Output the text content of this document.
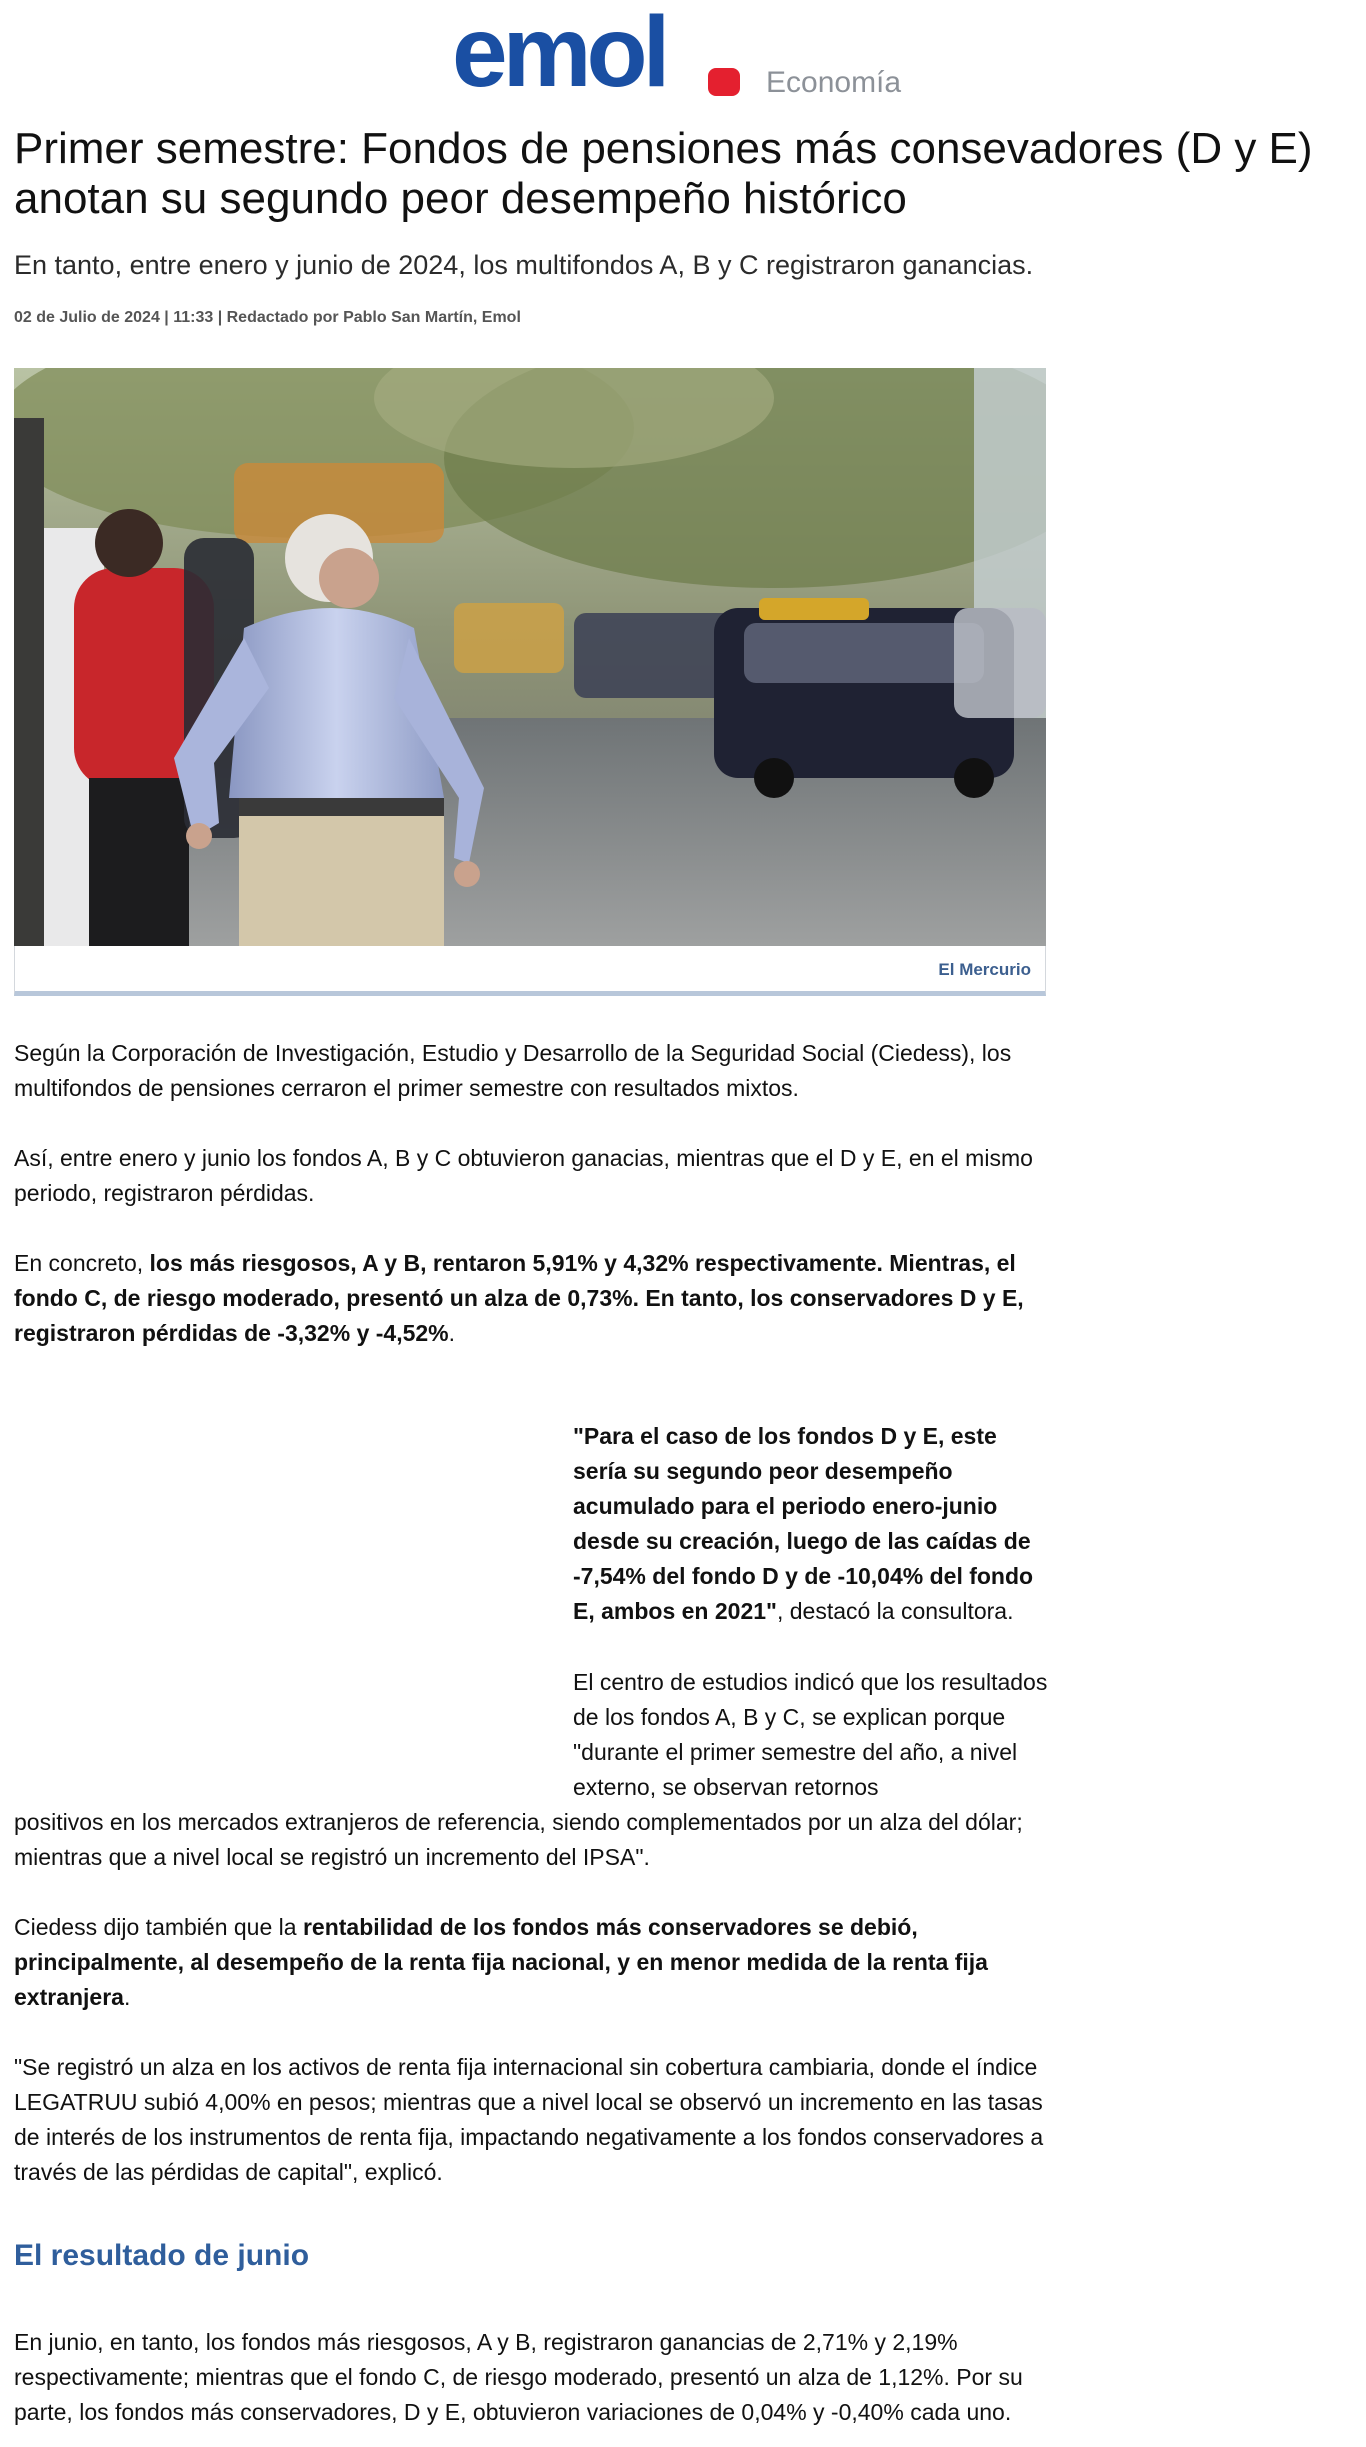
emol	Economía
Primer semestre: Fondos de pensiones más consevadores (D y E) anotan su segundo peor desempeño histórico

En tanto, entre enero y junio de 2024, los multifondos A, B y C registraron ganancias.

02 de Julio de 2024 | 11:33 | Redactado por Pablo San Martín, Emol

El Mercurio

Según la Corporación de Investigación, Estudio y Desarrollo de la Seguridad Social (Ciedess), los multifondos de pensiones cerraron el primer semestre con resultados mixtos.

Así, entre enero y junio los fondos A, B y C obtuvieron ganacias, mientras que el D y E, en el mismo periodo, registraron pérdidas.

En concreto, los más riesgosos, A y B, rentaron 5,91% y 4,32% respectivamente. Mientras, el fondo C, de riesgo moderado, presentó un alza de 0,73%. En tanto, los conservadores D y E, registraron pérdidas de -3,32% y -4,52%.

"Para el caso de los fondos D y E, este sería su segundo peor desempeño acumulado para el periodo enero-junio desde su creación, luego de las caídas de -7,54% del fondo D y de -10,04% del fondo E, ambos en 2021", destacó la consultora.

El centro de estudios indicó que los resultados de los fondos A, B y C, se explican porque "durante el primer semestre del año, a nivel externo, se observan retornos

positivos en los mercados extranjeros de referencia, siendo complementados por un alza del dólar; mientras que a nivel local se registró un incremento del IPSA".

Ciedess dijo también que la rentabilidad de los fondos más conservadores se debió, principalmente, al desempeño de la renta fija nacional, y en menor medida de la renta fija extranjera.

"Se registró un alza en los activos de renta fija internacional sin cobertura cambiaria, donde el índice LEGATRUU subió 4,00% en pesos; mientras que a nivel local se observó un incremento en las tasas de interés de los instrumentos de renta fija, impactando negativamente a los fondos conservadores a través de las pérdidas de capital", explicó.

El resultado de junio

En junio, en tanto, los fondos más riesgosos, A y B, registraron ganancias de 2,71% y 2,19% respectivamente; mientras que el fondo C, de riesgo moderado, presentó un alza de 1,12%. Por su parte, los fondos más conservadores, D y E, obtuvieron variaciones de 0,04% y -0,40% cada uno.
